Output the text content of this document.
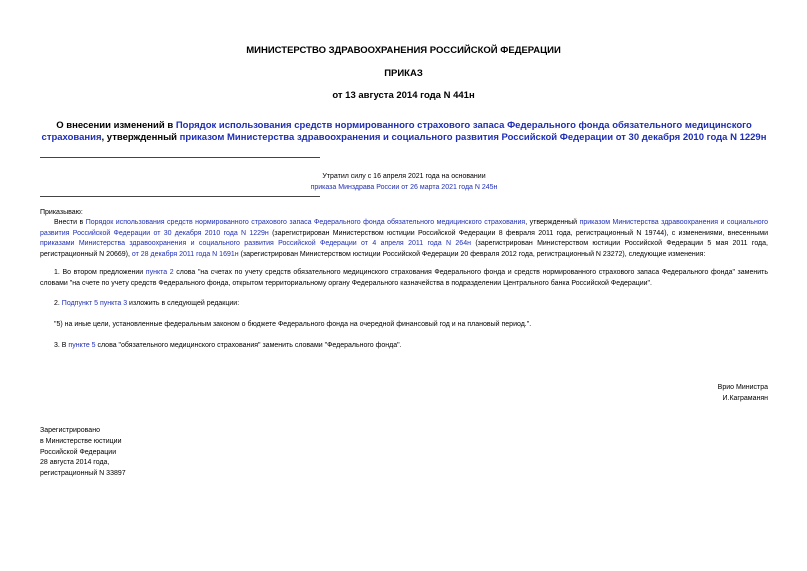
МИНИСТЕРСТВО ЗДРАВООХРАНЕНИЯ РОССИЙСКОЙ ФЕДЕРАЦИИ
ПРИКАЗ
от 13 августа 2014 года N 441н
О внесении изменений в Порядок использования средств нормированного страхового запаса Федерального фонда обязательного медицинского страхования, утвержденный приказом Министерства здравоохранения и социального развития Российской Федерации от 30 декабря 2010 года N 1229н
Утратил силу с 16 апреля 2021 года на основании
приказа Минздрава России от 26 марта 2021 года N 245н
Приказываю:
Внести в Порядок использования средств нормированного страхового запаса Федерального фонда обязательного медицинского страхования, утвержденный приказом Министерства здравоохранения и социального развития Российской Федерации от 30 декабря 2010 года N 1229н (зарегистрирован Министерством юстиции Российской Федерации 8 февраля 2011 года, регистрационный N 19744), с изменениями, внесенными приказами Министерства здравоохранения и социального развития Российской Федерации от 4 апреля 2011 года N 264н (зарегистрирован Министерством юстиции Российской Федерации 5 мая 2011 года, регистрационный N 20669), от 28 декабря 2011 года N 1691н (зарегистрирован Министерством юстиции Российской Федерации 20 февраля 2012 года, регистрационный N 23272), следующие изменения:
1. Во втором предложении пункта 2 слова "на счетах по учету средств обязательного медицинского страхования Федерального фонда и средств нормированного страхового запаса Федерального фонда" заменить словами "на счете по учету средств Федерального фонда, открытом территориальному органу Федерального казначейства в подразделении Центрального банка Российской Федерации".
2. Подпункт 5 пункта 3 изложить в следующей редакции:
"5) на иные цели, установленные федеральным законом о бюджете Федерального фонда на очередной финансовый год и на плановый период.".
3. В пункте 5 слова "обязательного медицинского страхования" заменить словами "Федерального фонда".
Врио Министра
И.Каграманян
Зарегистрировано
в Министерстве юстиции
Российской Федерации
28 августа 2014 года,
регистрационный N 33897
